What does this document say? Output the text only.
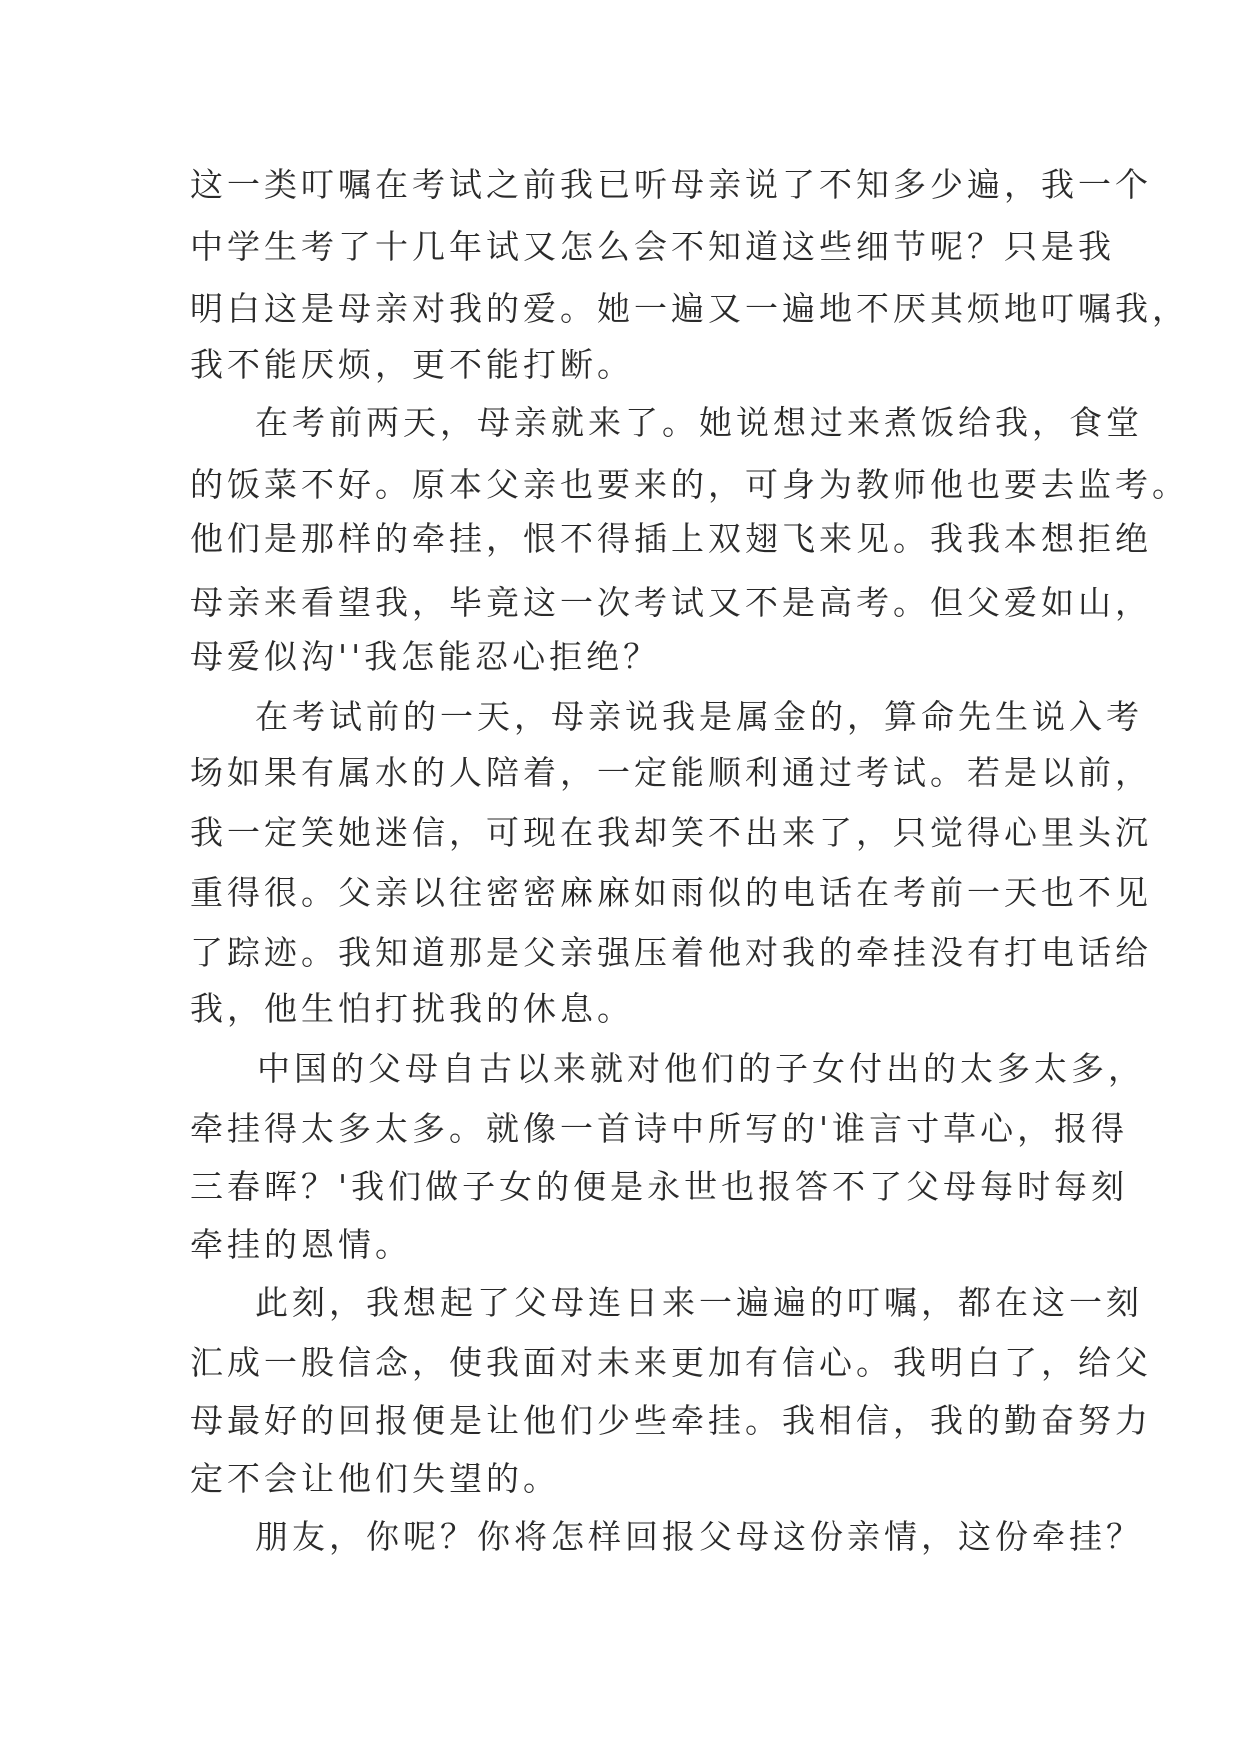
这一类叮嘱在考试之前我已听母亲说了不知多少遍，我一个
中学生考了十几年试又怎么会不知道这些细节呢？只是我
明白这是母亲对我的爱。她一遍又一遍地不厌其烦地叮嘱我，
我不能厌烦，更不能打断。
在考前两天，母亲就来了。她说想过来煮饭给我，食堂
的饭菜不好。原本父亲也要来的，可身为教师他也要去监考。
他们是那样的牵挂，恨不得插上双翅飞来见。我我本想拒绝
母亲来看望我，毕竟这一次考试又不是高考。但父爱如山，
母爱似沟''我怎能忍心拒绝？
在考试前的一天，母亲说我是属金的，算命先生说入考
场如果有属水的人陪着，一定能顺利通过考试。若是以前，
我一定笑她迷信，可现在我却笑不出来了，只觉得心里头沉
重得很。父亲以往密密麻麻如雨似的电话在考前一天也不见
了踪迹。我知道那是父亲强压着他对我的牵挂没有打电话给
我，他生怕打扰我的休息。
中国的父母自古以来就对他们的子女付出的太多太多，
牵挂得太多太多。就像一首诗中所写的'谁言寸草心，报得
三春晖？'我们做子女的便是永世也报答不了父母每时每刻
牵挂的恩情。
此刻，我想起了父母连日来一遍遍的叮嘱，都在这一刻
汇成一股信念，使我面对未来更加有信心。我明白了，给父
母最好的回报便是让他们少些牵挂。我相信，我的勤奋努力
定不会让他们失望的。
朋友，你呢？你将怎样回报父母这份亲情，这份牵挂？
